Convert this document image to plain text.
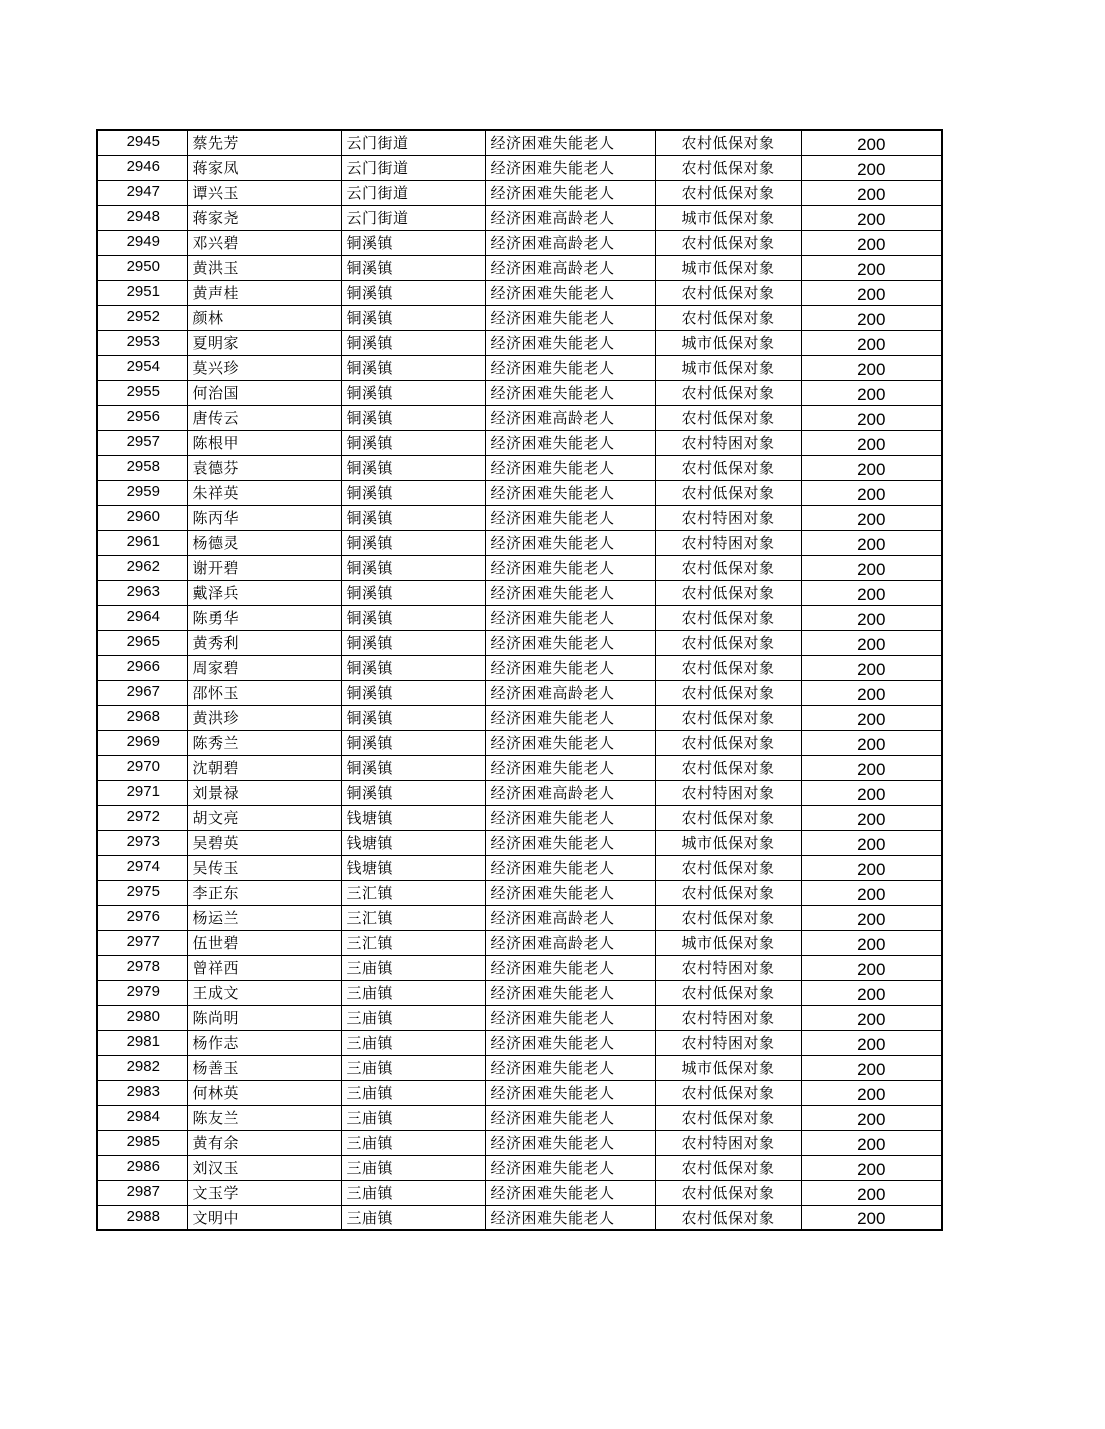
2945	蔡先芳	云门街道	经济困难失能老人	农村低保对象	200
2946	蒋家凤	云门街道	经济困难失能老人	农村低保对象	200
2947	谭兴玉	云门街道	经济困难失能老人	农村低保对象	200
2948	蒋家尧	云门街道	经济困难高龄老人	城市低保对象	200
2949	邓兴碧	铜溪镇	经济困难高龄老人	农村低保对象	200
2950	黄洪玉	铜溪镇	经济困难高龄老人	城市低保对象	200
2951	黄声桂	铜溪镇	经济困难失能老人	农村低保对象	200
2952	颜林	铜溪镇	经济困难失能老人	农村低保对象	200
2953	夏明家	铜溪镇	经济困难失能老人	城市低保对象	200
2954	莫兴珍	铜溪镇	经济困难失能老人	城市低保对象	200
2955	何治国	铜溪镇	经济困难失能老人	农村低保对象	200
2956	唐传云	铜溪镇	经济困难高龄老人	农村低保对象	200
2957	陈根甲	铜溪镇	经济困难失能老人	农村特困对象	200
2958	袁德芬	铜溪镇	经济困难失能老人	农村低保对象	200
2959	朱祥英	铜溪镇	经济困难失能老人	农村低保对象	200
2960	陈丙华	铜溪镇	经济困难失能老人	农村特困对象	200
2961	杨德灵	铜溪镇	经济困难失能老人	农村特困对象	200
2962	谢开碧	铜溪镇	经济困难失能老人	农村低保对象	200
2963	戴泽兵	铜溪镇	经济困难失能老人	农村低保对象	200
2964	陈勇华	铜溪镇	经济困难失能老人	农村低保对象	200
2965	黄秀利	铜溪镇	经济困难失能老人	农村低保对象	200
2966	周家碧	铜溪镇	经济困难失能老人	农村低保对象	200
2967	邵怀玉	铜溪镇	经济困难高龄老人	农村低保对象	200
2968	黄洪珍	铜溪镇	经济困难失能老人	农村低保对象	200
2969	陈秀兰	铜溪镇	经济困难失能老人	农村低保对象	200
2970	沈朝碧	铜溪镇	经济困难失能老人	农村低保对象	200
2971	刘景禄	铜溪镇	经济困难高龄老人	农村特困对象	200
2972	胡文亮	钱塘镇	经济困难失能老人	农村低保对象	200
2973	吴碧英	钱塘镇	经济困难失能老人	城市低保对象	200
2974	吴传玉	钱塘镇	经济困难失能老人	农村低保对象	200
2975	李正东	三汇镇	经济困难失能老人	农村低保对象	200
2976	杨运兰	三汇镇	经济困难高龄老人	农村低保对象	200
2977	伍世碧	三汇镇	经济困难高龄老人	城市低保对象	200
2978	曾祥西	三庙镇	经济困难失能老人	农村特困对象	200
2979	王成文	三庙镇	经济困难失能老人	农村低保对象	200
2980	陈尚明	三庙镇	经济困难失能老人	农村特困对象	200
2981	杨作志	三庙镇	经济困难失能老人	农村特困对象	200
2982	杨善玉	三庙镇	经济困难失能老人	城市低保对象	200
2983	何林英	三庙镇	经济困难失能老人	农村低保对象	200
2984	陈友兰	三庙镇	经济困难失能老人	农村低保对象	200
2985	黄有余	三庙镇	经济困难失能老人	农村特困对象	200
2986	刘汉玉	三庙镇	经济困难失能老人	农村低保对象	200
2987	文玉学	三庙镇	经济困难失能老人	农村低保对象	200
2988	文明中	三庙镇	经济困难失能老人	农村低保对象	200
